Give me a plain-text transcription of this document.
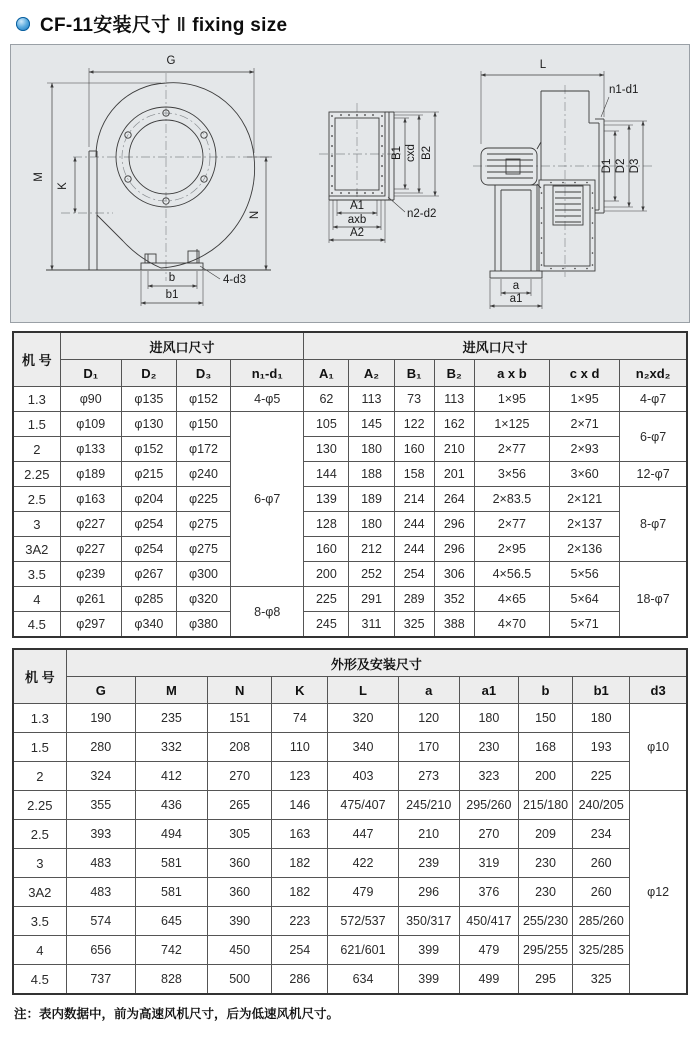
CF-11安装尺寸 ‖ fixing size
G
M
K
N
b
b1
4-d3
B1 cxd B2
A1
axb
A2
n2-d2
L
n1-d1
D1 D2 D3
a
a1
机 号	进风口尺寸				进风口尺寸						
	D₁	D₂	D₃	n₁-d₁	A₁	A₂	B₁	B₂	a x b	c x d	n₂xd₂
1.3	φ90	φ135	φ152	4-φ5	62	113	73	113	1×95	1×95	4-φ7
1.5	φ109	φ130	φ150	6-φ7	105	145	122	162	1×125	2×71	6-φ7
2	φ133	φ152	φ172		130	180	160	210	2×77	2×93	
2.25	φ189	φ215	φ240		144	188	158	201	3×56	3×60	12-φ7
2.5	φ163	φ204	φ225		139	189	214	264	2×83.5	2×121	8-φ7
3	φ227	φ254	φ275		128	180	244	296	2×77	2×137	
3A2	φ227	φ254	φ275		160	212	244	296	2×95	2×136	
3.5	φ239	φ267	φ300		200	252	254	306	4×56.5	5×56	18-φ7
4	φ261	φ285	φ320	8-φ8	225	291	289	352	4×65	5×64	
4.5	φ297	φ340	φ380		245	311	325	388	4×70	5×71	
机 号	外形及安装尺寸									
	G	M	N	K	L	a	a1	b	b1	d3
1.3	190	235	151	74	320	120	180	150	180	φ10
1.5	280	332	208	110	340	170	230	168	193	
2	324	412	270	123	403	273	323	200	225	
2.25	355	436	265	146	475/407	245/210	295/260	215/180	240/205	φ12
2.5	393	494	305	163	447	210	270	209	234	
3	483	581	360	182	422	239	319	230	260	
3A2	483	581	360	182	479	296	376	230	260	
3.5	574	645	390	223	572/537	350/317	450/417	255/230	285/260	
4	656	742	450	254	621/601	399	479	295/255	325/285	
4.5	737	828	500	286	634	399	499	295	325	
注：表内数据中，前为高速风机尺寸，后为低速风机尺寸。
